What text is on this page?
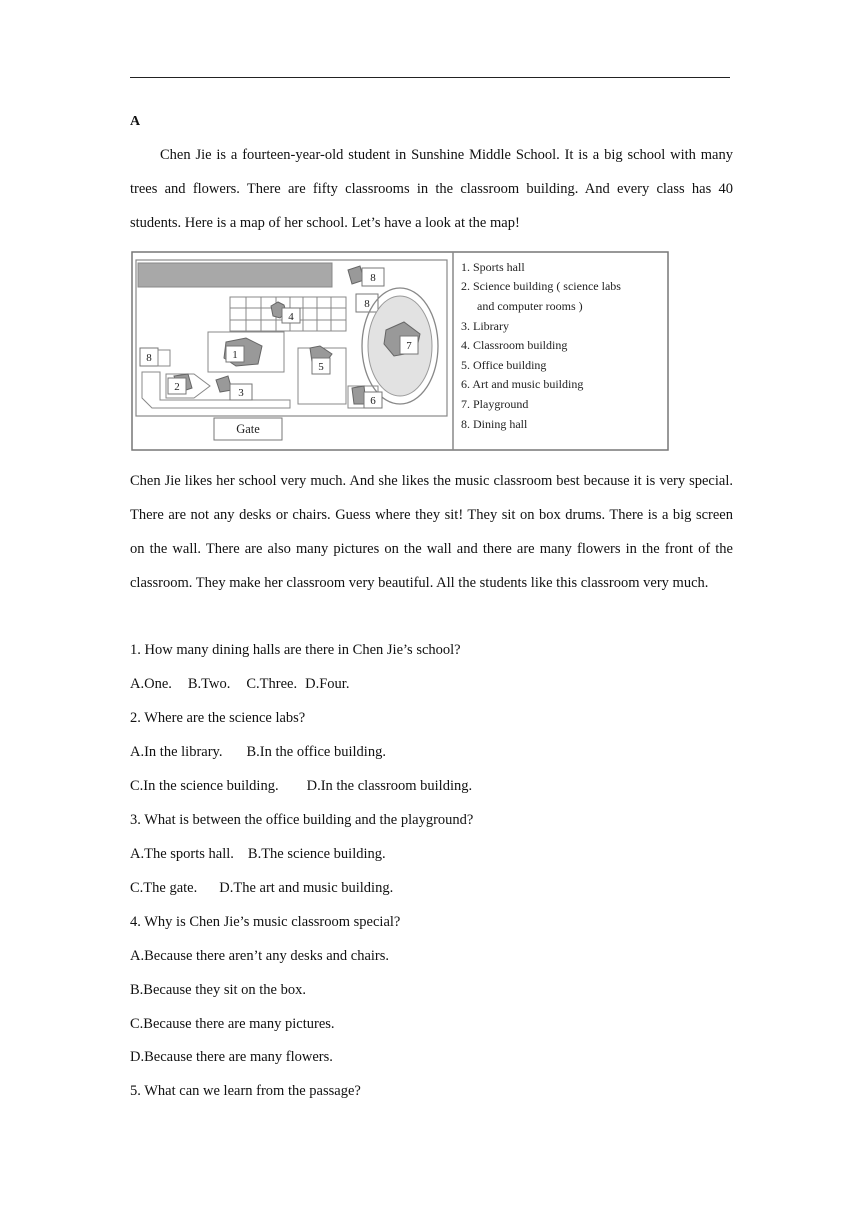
A

Chen Jie is a fourteen-year-old student in Sunshine Middle School. It is a big school with many trees and flowers. There are fifty classrooms in the classroom building. And every class has 40 students. Here is a map of her school. Let’s have a look at the map!

1
2	3
4
5
6
7
8
8
8
Gate
1. Sports hall
2. Science building ( science labs
and computer rooms )
3. Library
4. Classroom building
5. Office building
6. Art and music building
7. Playground
8. Dining hall

Chen Jie likes her school very much. And she likes the music classroom best because it is very special. There are not any desks or chairs. Guess where they sit! They sit on box drums. There is a big screen on the wall. There are also many pictures on the wall and there are many flowers in the front of the classroom. They make her classroom very beautiful. All the students like this classroom very much.

1. How many dining halls are there in Chen Jie’s school?
A.One. B.Two. C.Three. D.Four.
2. Where are the science labs?
A.In the library. B.In the office building.
C.In the science building. D.In the classroom building.
3. What is between the office building and the playground?
A.The sports hall. B.The science building.
C.The gate. D.The art and music building.
4. Why is Chen Jie’s music classroom special?
A.Because there aren’t any desks and chairs.
B.Because they sit on the box.
C.Because there are many pictures.
D.Because there are many flowers.
5. What can we learn from the passage?
